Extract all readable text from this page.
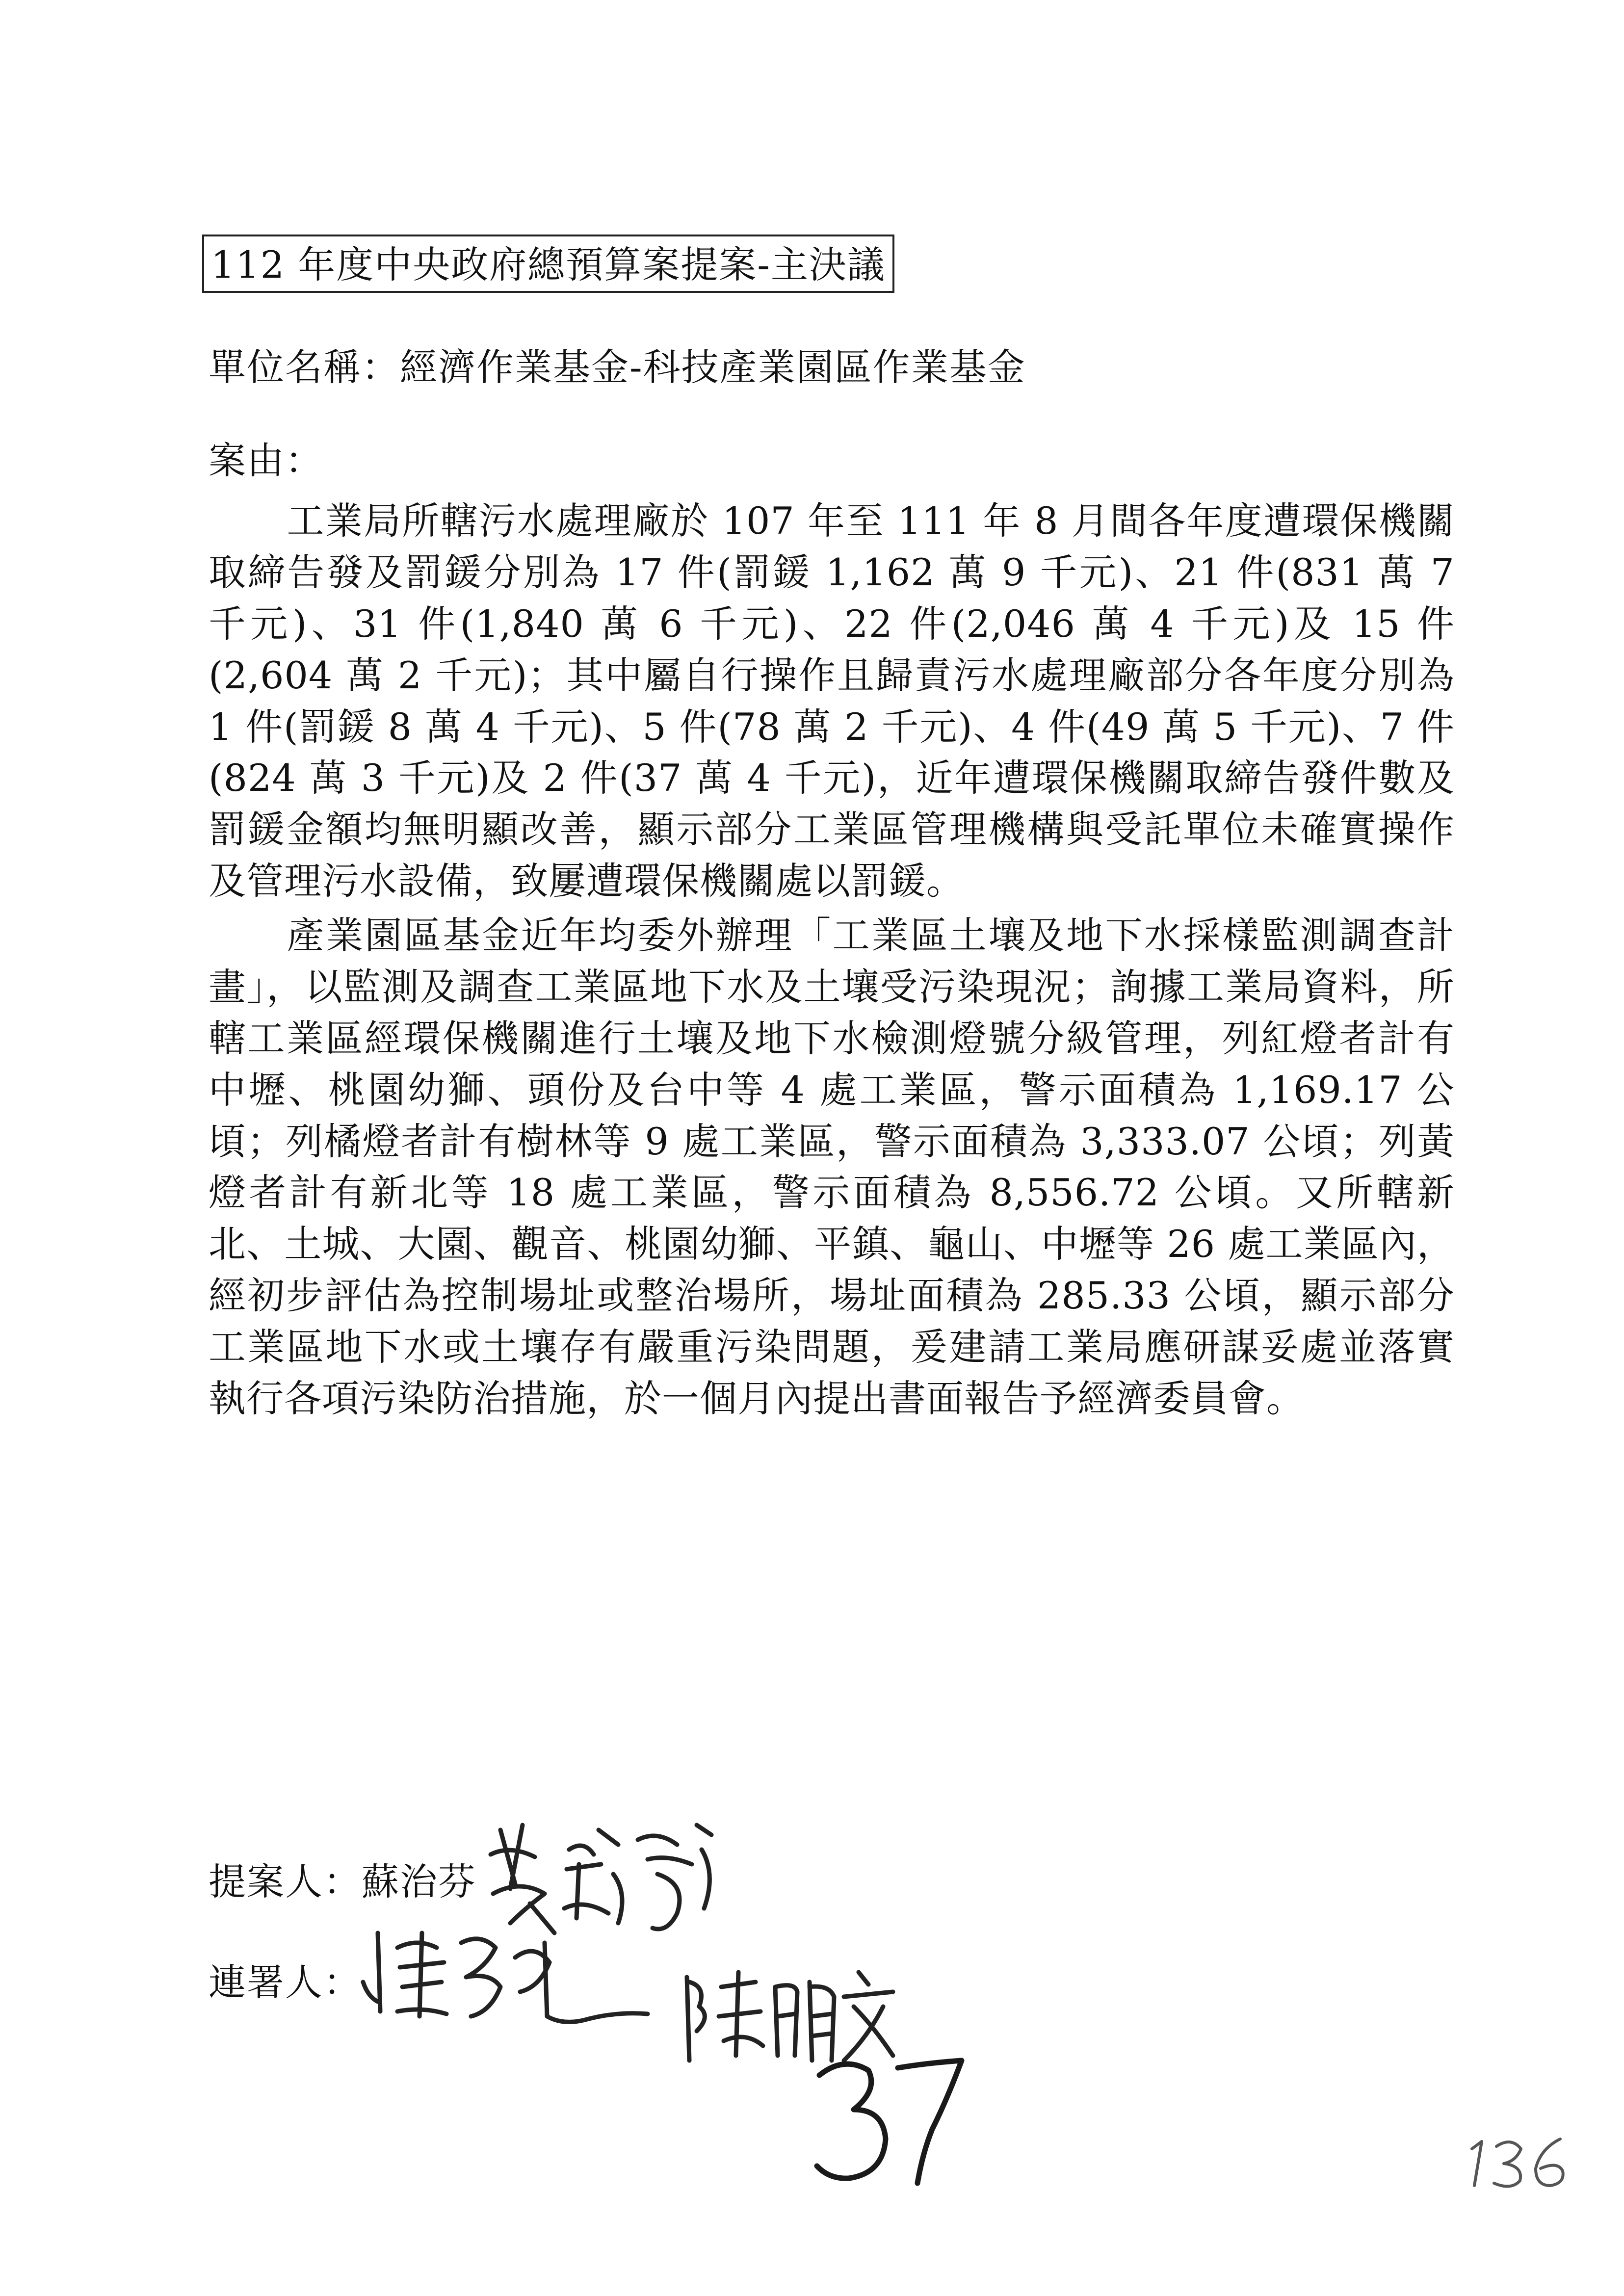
112 年度中央政府總預算案提案-主決議
單位名稱：經濟作業基金-科技產業園區作業基金
案由：

工業局所轄污水處理廠於 107 年至 111 年 8 月間各年度遭環保機關取締告發及罰鍰分別為 17 件(罰鍰 1,162 萬 9 千元)、21 件(831 萬 7 千元)、31 件(1,840 萬 6 千元)、22 件(2,046 萬 4 千元)及 15 件(2,604 萬 2 千元)；其中屬自行操作且歸責污水處理廠部分各年度分別為 1 件(罰鍰 8 萬 4 千元)、5 件(78 萬 2 千元)、4 件(49 萬 5 千元)、7 件(824 萬 3 千元)及 2 件(37 萬 4 千元)，近年遭環保機關取締告發件數及罰鍰金額均無明顯改善，顯示部分工業區管理機構與受託單位未確實操作及管理污水設備，致屢遭環保機關處以罰鍰。

產業園區基金近年均委外辦理「工業區土壤及地下水採樣監測調查計畫」，以監測及調查工業區地下水及土壤受污染現況；詢據工業局資料，所轄工業區經環保機關進行土壤及地下水檢測燈號分級管理，列紅燈者計有中壢、桃園幼獅、頭份及台中等 4 處工業區，警示面積為 1,169.17 公頃；列橘燈者計有樹林等 9 處工業區，警示面積為 3,333.07 公頃；列黃燈者計有新北等 18 處工業區，警示面積為 8,556.72 公頃。又所轄新北、土城、大園、觀音、桃園幼獅、平鎮、龜山、中壢等 26 處工業區內，經初步評估為控制場址或整治場所，場址面積為 285.33 公頃，顯示部分工業區地下水或土壤存有嚴重污染問題，爰建請工業局應研謀妥處並落實執行各項污染防治措施，於一個月內提出書面報告予經濟委員會。

提案人：蘇治芬
連署人：
